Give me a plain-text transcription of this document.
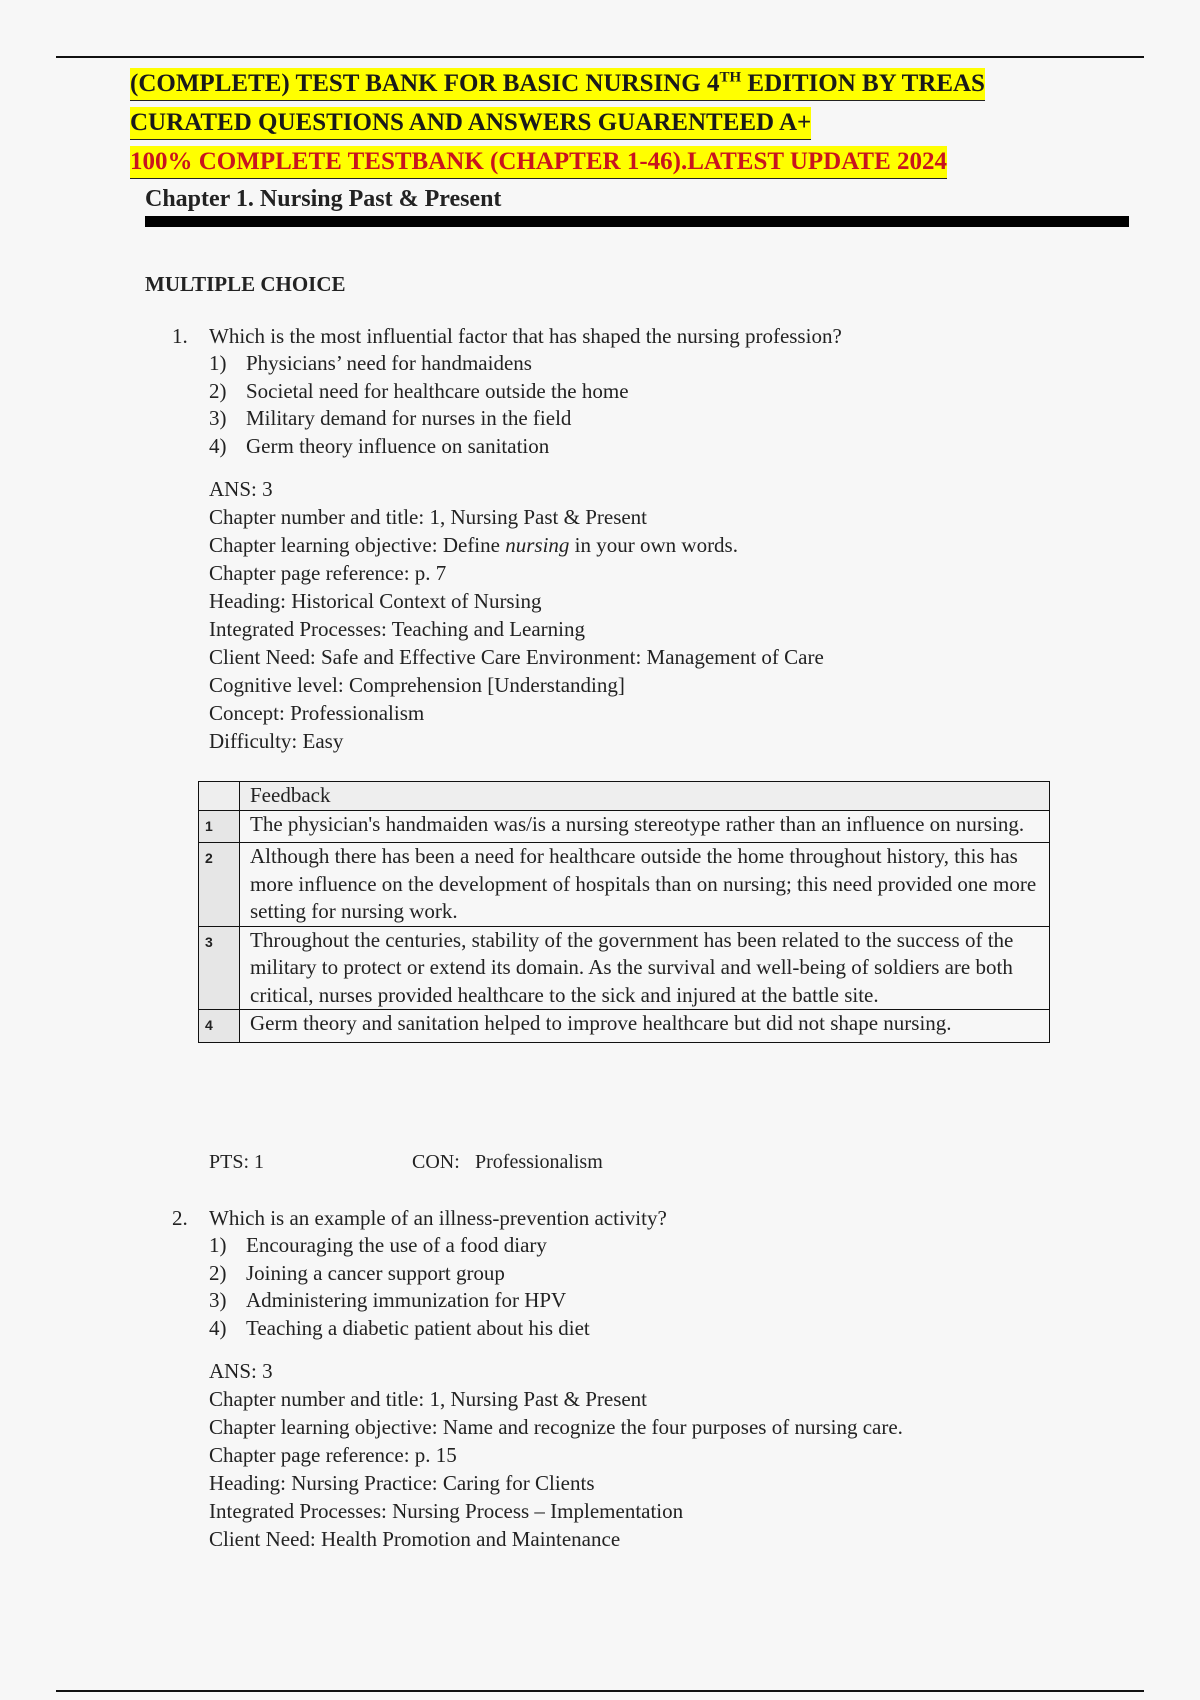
(COMPLETE) TEST BANK FOR BASIC NURSING 4TH EDITION BY TREAS
CURATED QUESTIONS AND ANSWERS GUARENTEED A+
100% COMPLETE TESTBANK (CHAPTER 1-46).LATEST UPDATE 2024
Chapter 1. Nursing Past & Present
MULTIPLE CHOICE
1. Which is the most influential factor that has shaped the nursing profession?
1) Physicians’ need for handmaidens
2) Societal need for healthcare outside the home
3) Military demand for nurses in the field
4) Germ theory influence on sanitation
ANS: 3
Chapter number and title: 1, Nursing Past & Present
Chapter learning objective: Define nursing in your own words.
Chapter page reference: p. 7
Heading: Historical Context of Nursing
Integrated Processes: Teaching and Learning
Client Need: Safe and Effective Care Environment: Management of Care
Cognitive level: Comprehension [Understanding]
Concept: Professionalism
Difficulty: Easy
	Feedback
1	The physician's handmaiden was/is a nursing stereotype rather than an influence on nursing.
2	Although there has been a need for healthcare outside the home throughout history, this has more influence on the development of hospitals than on nursing; this need provided one more setting for nursing work.
3	Throughout the centuries, stability of the government has been related to the success of the military to protect or extend its domain. As the survival and well-being of soldiers are both critical, nurses provided healthcare to the sick and injured at the battle site.
4	Germ theory and sanitation helped to improve healthcare but did not shape nursing.
PTS: 1	CON: Professionalism
2. Which is an example of an illness-prevention activity?
1) Encouraging the use of a food diary
2) Joining a cancer support group
3) Administering immunization for HPV
4) Teaching a diabetic patient about his diet
ANS: 3
Chapter number and title: 1, Nursing Past & Present
Chapter learning objective: Name and recognize the four purposes of nursing care.
Chapter page reference: p. 15
Heading: Nursing Practice: Caring for Clients
Integrated Processes: Nursing Process – Implementation
Client Need: Health Promotion and Maintenance
